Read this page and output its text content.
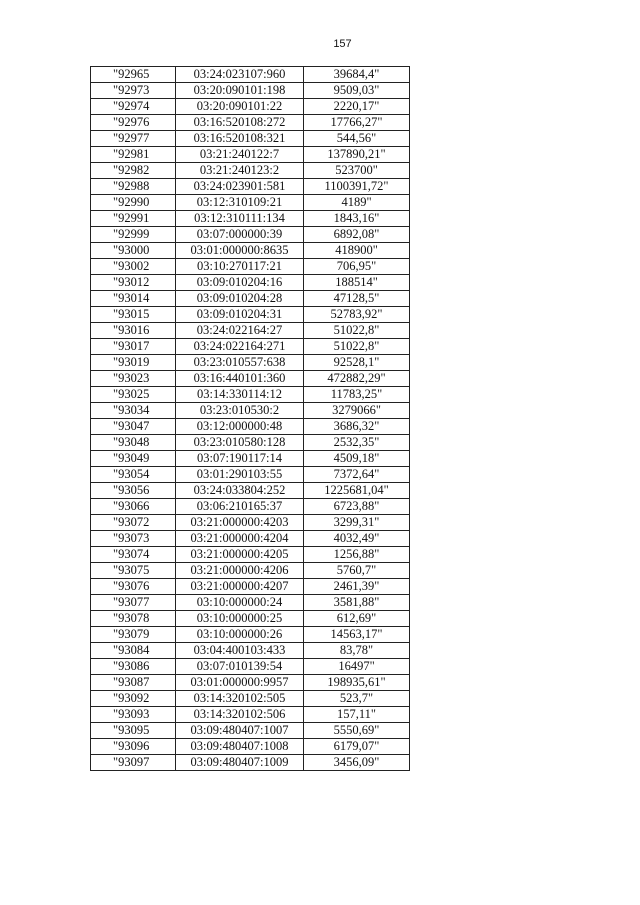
157
"92965	03:24:023107:960	39684,4"
"92973	03:20:090101:198	9509,03"
"92974	03:20:090101:22	2220,17"
"92976	03:16:520108:272	17766,27"
"92977	03:16:520108:321	544,56"
"92981	03:21:240122:7	137890,21"
"92982	03:21:240123:2	523700"
"92988	03:24:023901:581	1100391,72"
"92990	03:12:310109:21	4189"
"92991	03:12:310111:134	1843,16"
"92999	03:07:000000:39	6892,08"
"93000	03:01:000000:8635	418900"
"93002	03:10:270117:21	706,95"
"93012	03:09:010204:16	188514"
"93014	03:09:010204:28	47128,5"
"93015	03:09:010204:31	52783,92"
"93016	03:24:022164:27	51022,8"
"93017	03:24:022164:271	51022,8"
"93019	03:23:010557:638	92528,1"
"93023	03:16:440101:360	472882,29"
"93025	03:14:330114:12	11783,25"
"93034	03:23:010530:2	3279066"
"93047	03:12:000000:48	3686,32"
"93048	03:23:010580:128	2532,35"
"93049	03:07:190117:14	4509,18"
"93054	03:01:290103:55	7372,64"
"93056	03:24:033804:252	1225681,04"
"93066	03:06:210165:37	6723,88"
"93072	03:21:000000:4203	3299,31"
"93073	03:21:000000:4204	4032,49"
"93074	03:21:000000:4205	1256,88"
"93075	03:21:000000:4206	5760,7"
"93076	03:21:000000:4207	2461,39"
"93077	03:10:000000:24	3581,88"
"93078	03:10:000000:25	612,69"
"93079	03:10:000000:26	14563,17"
"93084	03:04:400103:433	83,78"
"93086	03:07:010139:54	16497"
"93087	03:01:000000:9957	198935,61"
"93092	03:14:320102:505	523,7"
"93093	03:14:320102:506	157,11"
"93095	03:09:480407:1007	5550,69"
"93096	03:09:480407:1008	6179,07"
"93097	03:09:480407:1009	3456,09"
